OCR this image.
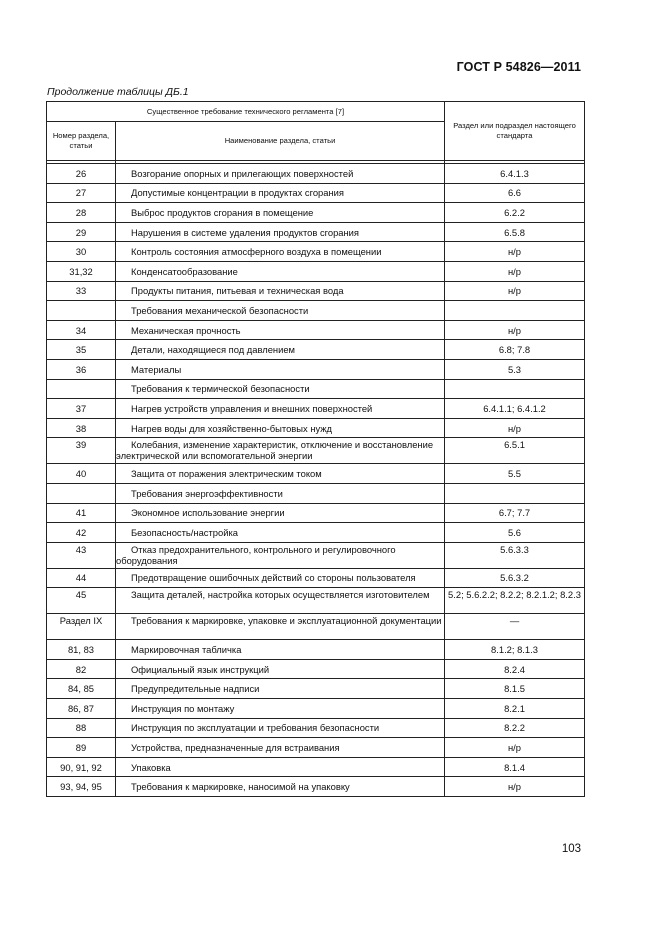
ГОСТ Р 54826—2011
Продолжение таблицы ДБ.1
Существенное требование технического регламента [7]		Раздел или подраздел настоящего стандарта
Номер раздела, статьи	Наименование раздела, статьи	

26	Возгорание опорных и прилегающих поверхностей	6.4.1.3
27	Допустимые концентрации в продуктах сгорания	6.6
28	Выброс продуктов сгорания в помещение	6.2.2
29	Нарушения в системе удаления продуктов сгорания	6.5.8
30	Контроль состояния атмосферного воздуха в помещении	н/р
31,32	Конденсатообразование	н/р
33	Продукты питания, питьевая и техническая вода	н/р
	Требования механической безопасности	
34	Механическая прочность	н/р
35	Детали, находящиеся под давлением	6.8; 7.8
36	Материалы	5.3
	Требования к термической безопасности	
37	Нагрев устройств управления и внешних поверхностей	6.4.1.1; 6.4.1.2
38	Нагрев воды для хозяйственно-бытовых нужд	н/р
39	Колебания, изменение характеристик, отключение и восстановление электрической или вспомогательной энергии	6.5.1
40	Защита от поражения электрическим током	5.5
	Требования энергоэффективности	
41	Экономное использование энергии	6.7; 7.7
42	Безопасность/настройка	5.6
43	Отказ предохранительного, контрольного и регулировочного оборудования	5.6.3.3
44	Предотвращение ошибочных действий со стороны пользователя	5.6.3.2
45	Защита деталей, настройка которых осуществляется изготовителем	5.2; 5.6.2.2; 8.2.2; 8.2.1.2; 8.2.3
Раздел IX	Требования к маркировке, упаковке и эксплуатационной документации	—
81, 83	Маркировочная табличка	8.1.2; 8.1.3
82	Официальный язык инструкций	8.2.4
84, 85	Предупредительные надписи	8.1.5
86, 87	Инструкция по монтажу	8.2.1
88	Инструкция по эксплуатации и требования безопасности	8.2.2
89	Устройства, предназначенные для встраивания	н/р
90, 91, 92	Упаковка	8.1.4
93, 94, 95	Требования к маркировке, наносимой на упаковку	н/р
103
